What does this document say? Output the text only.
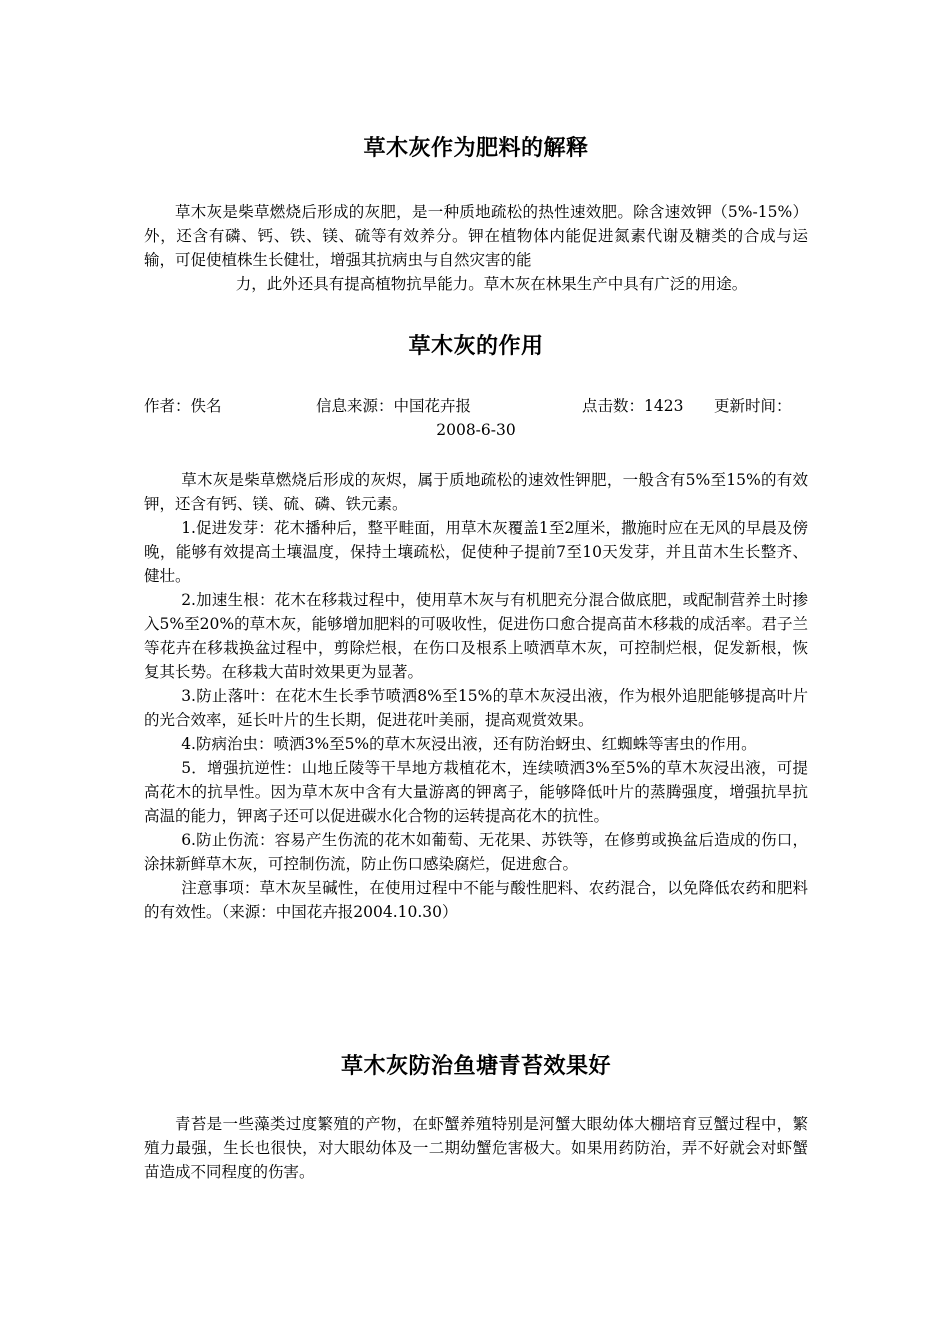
草木灰作为肥料的解释

草木灰是柴草燃烧后形成的灰肥，是一种质地疏松的热性速效肥。除含速效钾（5%-15%）外，还含有磷、钙、铁、镁、硫等有效养分。钾在植物体内能促进氮素代谢及糖类的合成与运输，可促使植株生长健壮，增强其抗病虫与自然灾害的能
力，此外还具有提高植物抗旱能力。草木灰在林果生产中具有广泛的用途。

草木灰的作用
作者：佚名	信息来源：中国花卉报	点击数：1423 更新时间：
2008-6-30

草木灰是柴草燃烧后形成的灰烬，属于质地疏松的速效性钾肥，一般含有5%至15%的有效钾，还含有钙、镁、硫、磷、铁元素。

1.促进发芽：花木播种后，整平畦面，用草木灰覆盖1至2厘米，撒施时应在无风的早晨及傍晚，能够有效提高土壤温度，保持土壤疏松，促使种子提前7至10天发芽，并且苗木生长整齐、健壮。

2.加速生根：花木在移栽过程中，使用草木灰与有机肥充分混合做底肥，或配制营养土时掺入5%至20%的草木灰，能够增加肥料的可吸收性，促进伤口愈合提高苗木移栽的成活率。君子兰等花卉在移栽换盆过程中，剪除烂根，在伤口及根系上喷洒草木灰，可控制烂根，促发新根，恢复其长势。在移栽大苗时效果更为显著。

3.防止落叶：在花木生长季节喷洒8%至15%的草木灰浸出液，作为根外追肥能够提高叶片的光合效率，延长叶片的生长期，促进花叶美丽，提高观赏效果。

4.防病治虫：喷洒3%至5%的草木灰浸出液，还有防治蚜虫、红蜘蛛等害虫的作用。

5．增强抗逆性：山地丘陵等干旱地方栽植花木，连续喷洒3%至5%的草木灰浸出液，可提高花木的抗旱性。因为草木灰中含有大量游离的钾离子，能够降低叶片的蒸腾强度，增强抗旱抗高温的能力，钾离子还可以促进碳水化合物的运转提高花木的抗性。

6.防止伤流：容易产生伤流的花木如葡萄、无花果、苏铁等，在修剪或换盆后造成的伤口，涂抹新鲜草木灰，可控制伤流，防止伤口感染腐烂，促进愈合。

注意事项：草木灰呈碱性，在使用过程中不能与酸性肥料、农药混合，以免降低农药和肥料的有效性。（来源：中国花卉报2004.10.30）

草木灰防治鱼塘青苔效果好

青苔是一些藻类过度繁殖的产物，在虾蟹养殖特别是河蟹大眼幼体大棚培育豆蟹过程中，繁殖力最强，生长也很快，对大眼幼体及一二期幼蟹危害极大。如果用药防治，弄不好就会对虾蟹苗造成不同程度的伤害。
